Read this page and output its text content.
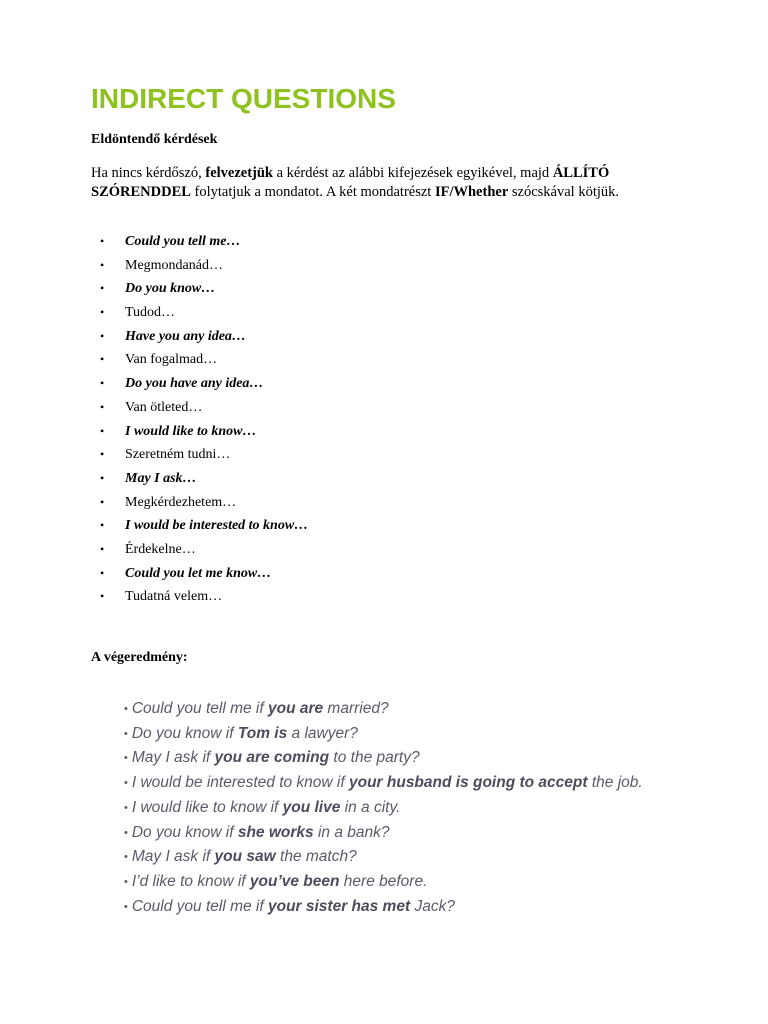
INDIRECT QUESTIONS
Eldöntendő kérdések
Ha nincs kérdőszó, felvezetjük a kérdést az alábbi kifejezések egyikével, majd ÁLLÍTÓ SZÓRENDDEL folytatjuk a mondatot. A két mondatrészt IF/Whether szócskával kötjük.
• Could you tell me…
• Megmondanád…
• Do you know…
• Tudod…
• Have you any idea…
• Van fogalmad…
• Do you have any idea…
• Van ötleted…
• I would like to know…
• Szeretném tudni…
• May I ask…
• Megkérdezhetem…
• I would be interested to know…
• Érdekelne…
• Could you let me know…
• Tudatná velem…
A végeredmény:
• Could you tell me if you are married?
• Do you know if Tom is a lawyer?
• May I ask if you are coming to the party?
• I would be interested to know if your husband is going to accept the job.
• I would like to know if you live in a city.
• Do you know if she works in a bank?
• May I ask if you saw the match?
• I’d like to know if you’ve been here before.
• Could you tell me if your sister has met Jack?
